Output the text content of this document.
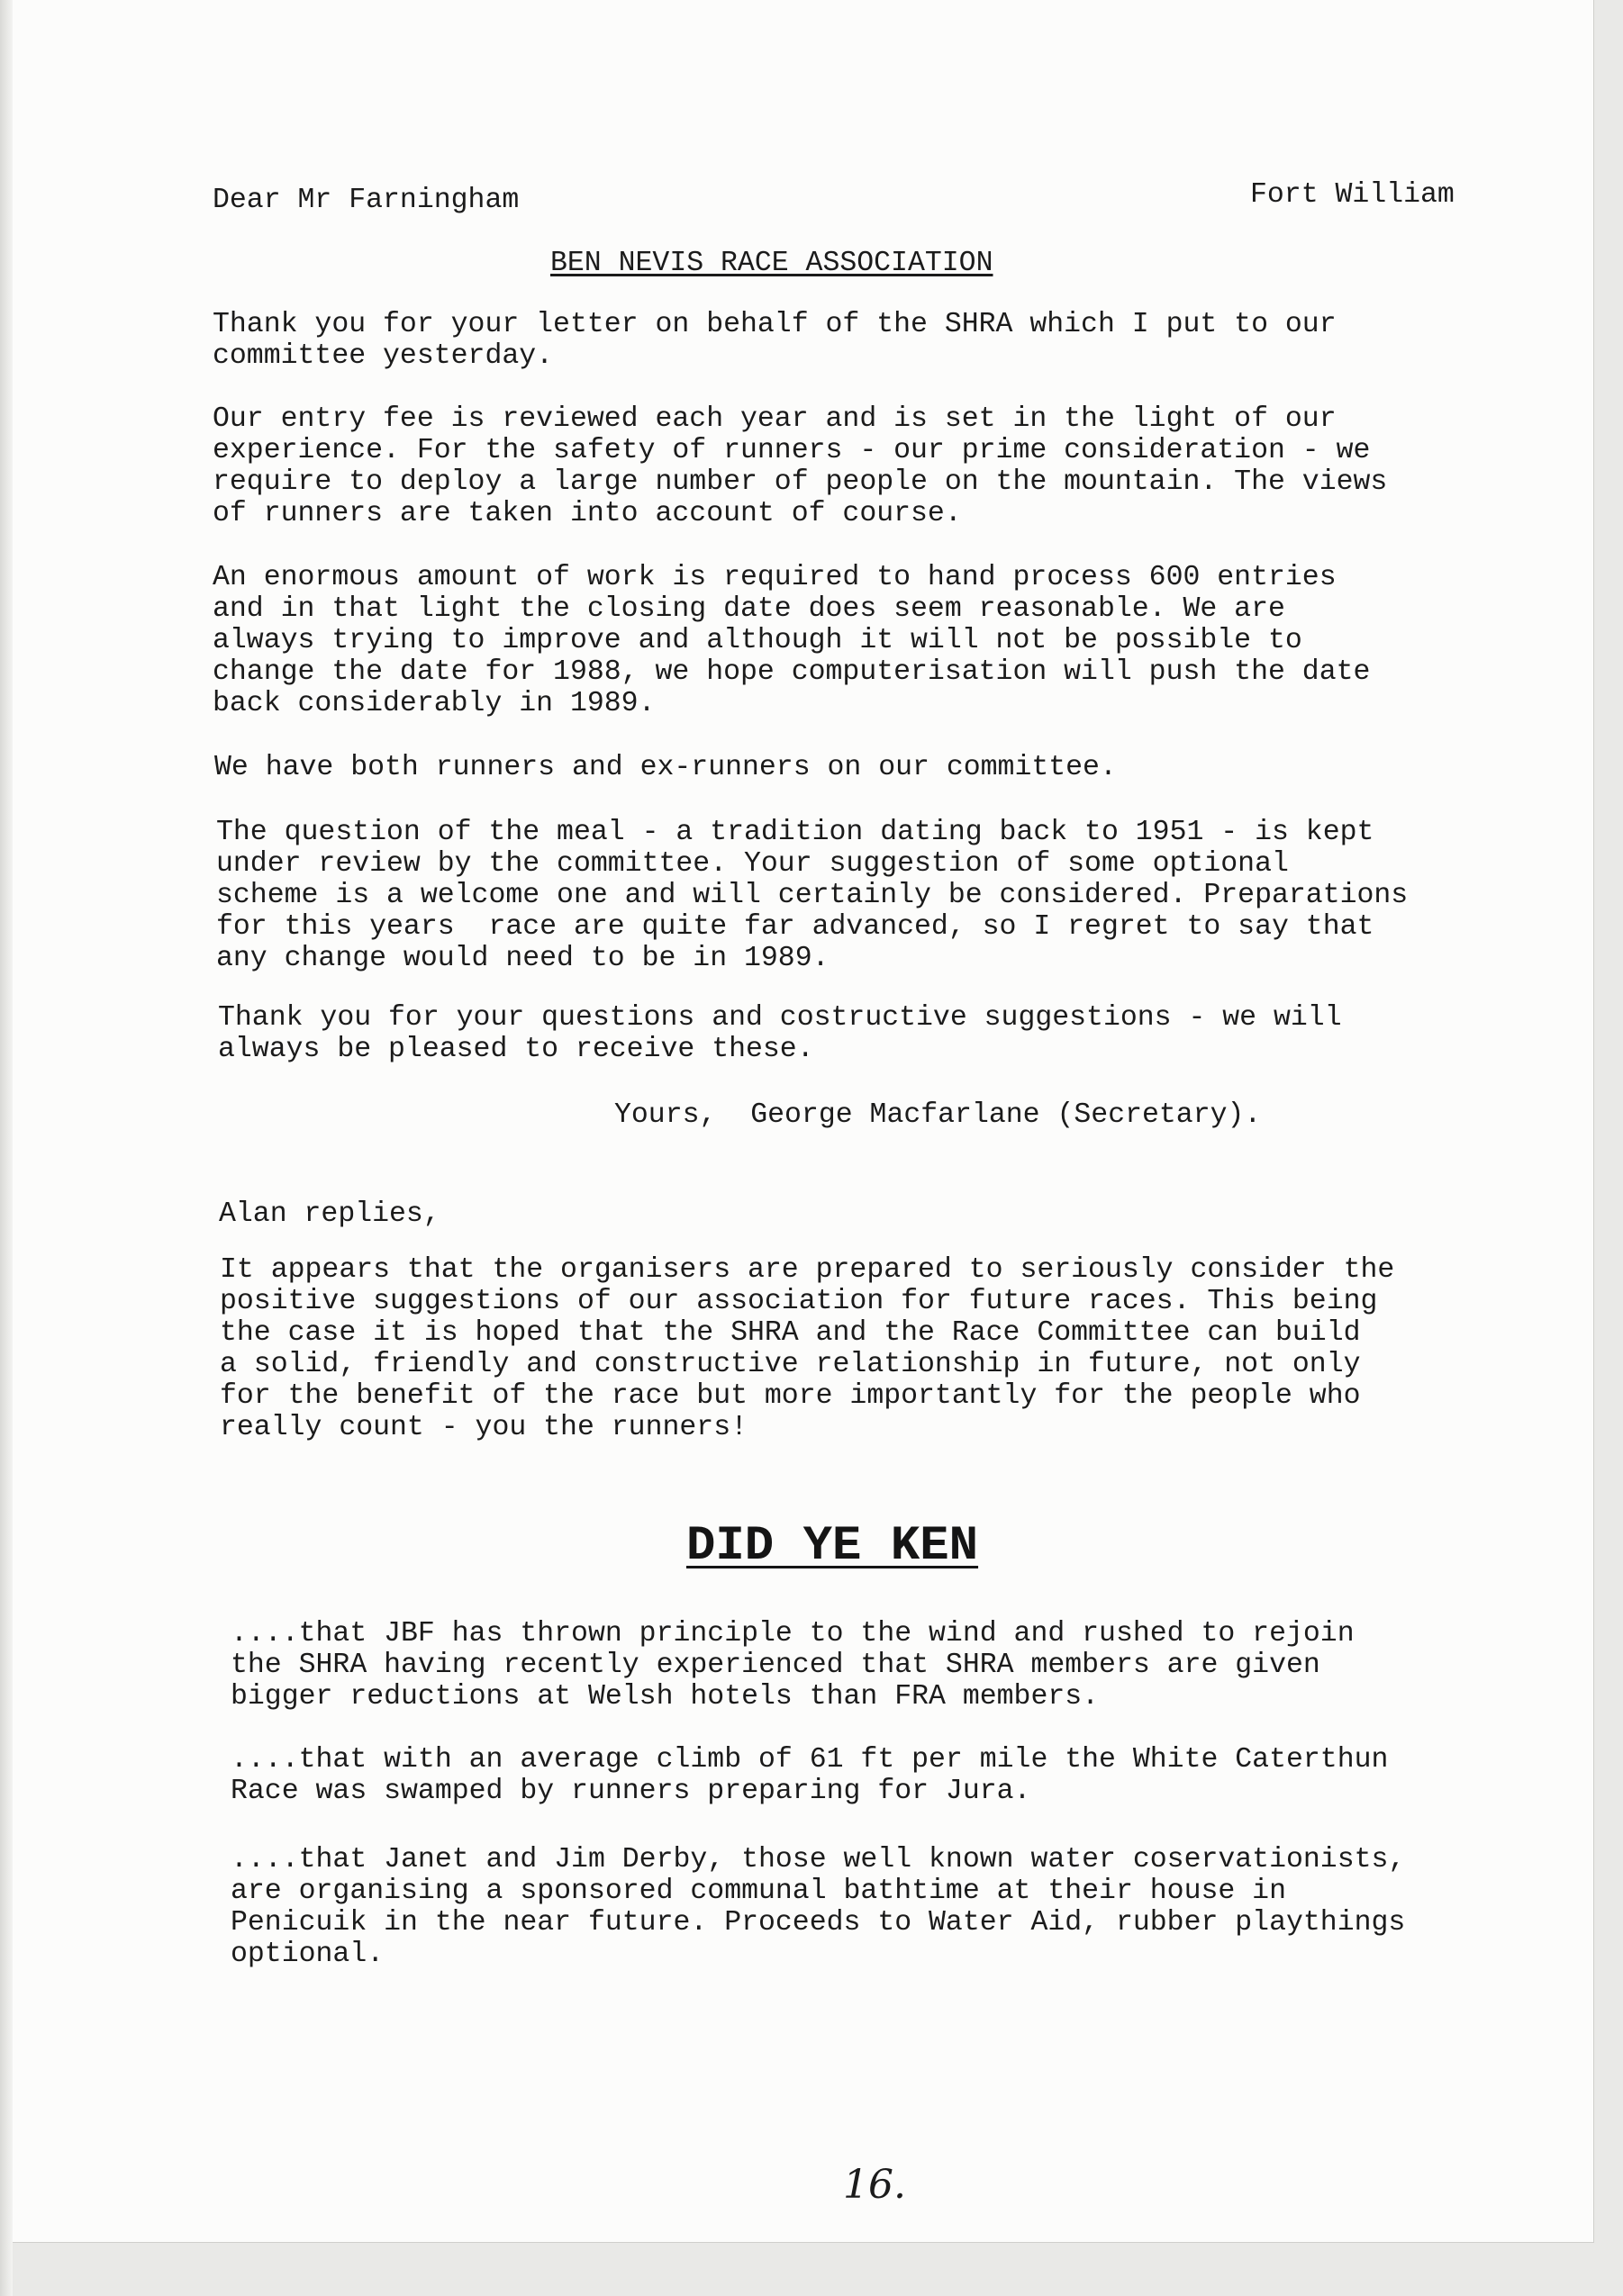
Dear Mr Farningham	Fort William

BEN NEVIS RACE ASSOCIATION

Thank you for your letter on behalf of the SHRA which I put to our
committee yesterday.

Our entry fee is reviewed each year and is set in the light of our
experience. For the safety of runners - our prime consideration - we
require to deploy a large number of people on the mountain. The views
of runners are taken into account of course.

An enormous amount of work is required to hand process 600 entries
and in that light the closing date does seem reasonable. We are
always trying to improve and although it will not be possible to
change the date for 1988, we hope computerisation will push the date
back considerably in 1989.

We have both runners and ex-runners on our committee.

The question of the meal - a tradition dating back to 1951 - is kept
under review by the committee. Your suggestion of some optional
scheme is a welcome one and will certainly be considered. Preparations
for this years  race are quite far advanced, so I regret to say that
any change would need to be in 1989.

Thank you for your questions and costructive suggestions - we will
always be pleased to receive these.

Yours,  George Macfarlane (Secretary).

Alan replies,

It appears that the organisers are prepared to seriously consider the
positive suggestions of our association for future races. This being
the case it is hoped that the SHRA and the Race Committee can build
a solid, friendly and constructive relationship in future, not only
for the benefit of the race but more importantly for the people who
really count - you the runners!

DID YE KEN

....that JBF has thrown principle to the wind and rushed to rejoin
the SHRA having recently experienced that SHRA members are given
bigger reductions at Welsh hotels than FRA members.

....that with an average climb of 61 ft per mile the White Caterthun
Race was swamped by runners preparing for Jura.

....that Janet and Jim Derby, those well known water coservationists,
are organising a sponsored communal bathtime at their house in
Penicuik in the near future. Proceeds to Water Aid, rubber playthings
optional.

16.
